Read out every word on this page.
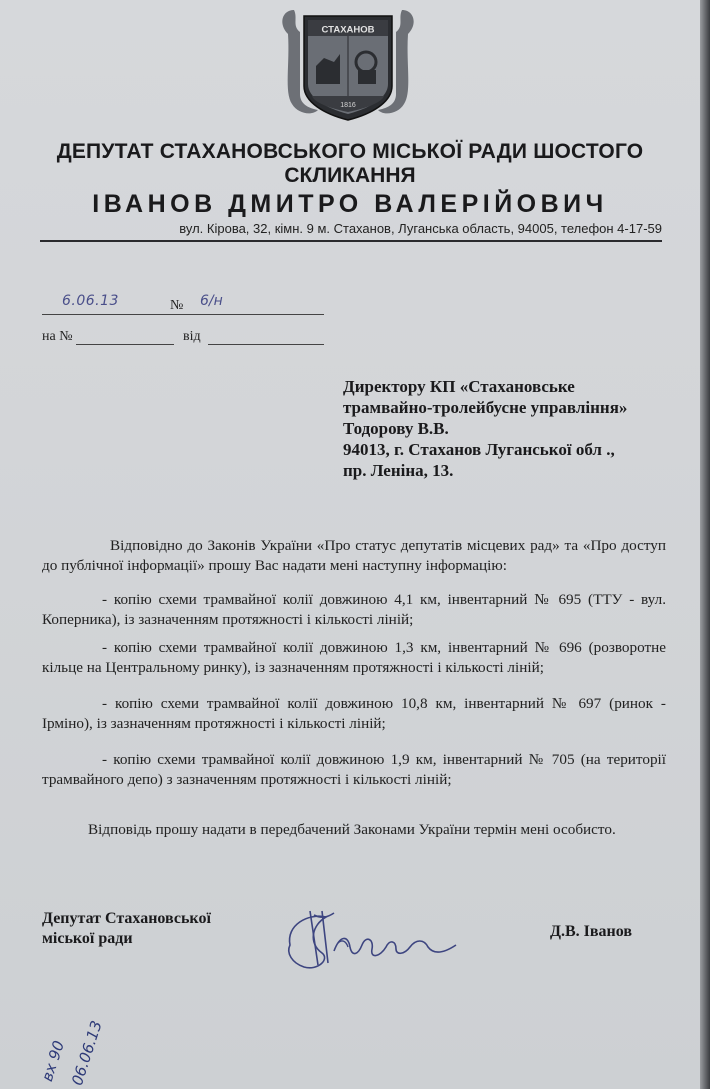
СТАХАНОВ
1816
ДЕПУТАТ СТАХАНОВСЬКОГО МІСЬКОЇ РАДИ ШОСТОГО
СКЛИКАННЯ
ІВАНОВ ДМИТРО ВАЛЕРІЙОВИЧ
вул. Кірова, 32, кімн. 9 м. Стаханов, Луганська область, 94005, телефон 4-17-59
6.06.13	№ 6/н
на №	від
Директору КП «Стахановське
трамвайно-тролейбусне управління»
Тодорову В.В.
94013, г. Стаханов Луганської обл .,
пр. Леніна, 13.
Відповідно до Законів України «Про статус депутатів місцевих рад» та «Про доступ до публічної інформації» прошу Вас надати мені наступну інформацію:
- копію схеми трамвайної колії довжиною 4,1 км, інвентарний № 695 (ТТУ - вул. Коперника), із зазначенням протяжності і кількості ліній;
- копію схеми трамвайної колії довжиною 1,3 км, інвентарний № 696 (розворотне кільце на Центральному ринку), із зазначенням протяжності і кількості ліній;
- копію схеми трамвайної колії довжиною 10,8 км, інвентарний № 697 (ринок - Ірміно), із зазначенням протяжності і кількості ліній;
- копію схеми трамвайної колії довжиною 1,9 км, інвентарний № 705 (на території трамвайного депо) з зазначенням протяжності і кількості ліній;
Відповідь прошу надати в передбачений Законами України термін мені особисто.
Депутат Стахановської
міської ради	Д.В. Іванов
вх 90 06.06.13
